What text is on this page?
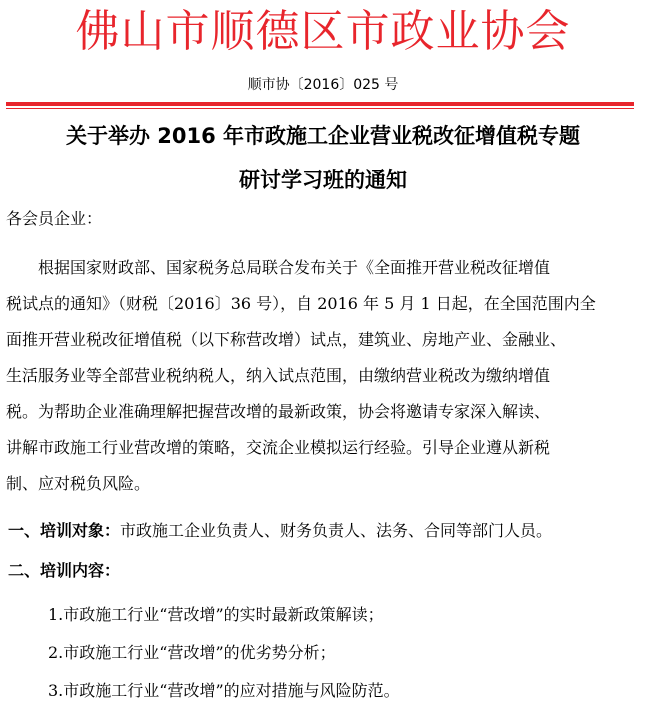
佛山市顺德区市政业协会
顺市协〔2016〕025 号
关于举办 2016 年市政施工企业营业税改征增值税专题
研讨学习班的通知
各会员企业：
根据国家财政部、国家税务总局联合发布关于《全面推开营业税改征增值
税试点的通知》（财税〔2016〕36 号），自 2016 年 5 月 1 日起，在全国范围内全
面推开营业税改征增值税（以下称营改增）试点，建筑业、房地产业、金融业、
生活服务业等全部营业税纳税人，纳入试点范围，由缴纳营业税改为缴纳增值
税。为帮助企业准确理解把握营改增的最新政策，协会将邀请专家深入解读、
讲解市政施工行业营改增的策略，交流企业模拟运行经验。引导企业遵从新税
制、应对税负风险。
一、培训对象：市政施工企业负责人、财务负责人、法务、合同等部门人员。
二、培训内容：
1.市政施工行业“营改增”的实时最新政策解读；
2.市政施工行业“营改增”的优劣势分析；
3.市政施工行业“营改增”的应对措施与风险防范。
